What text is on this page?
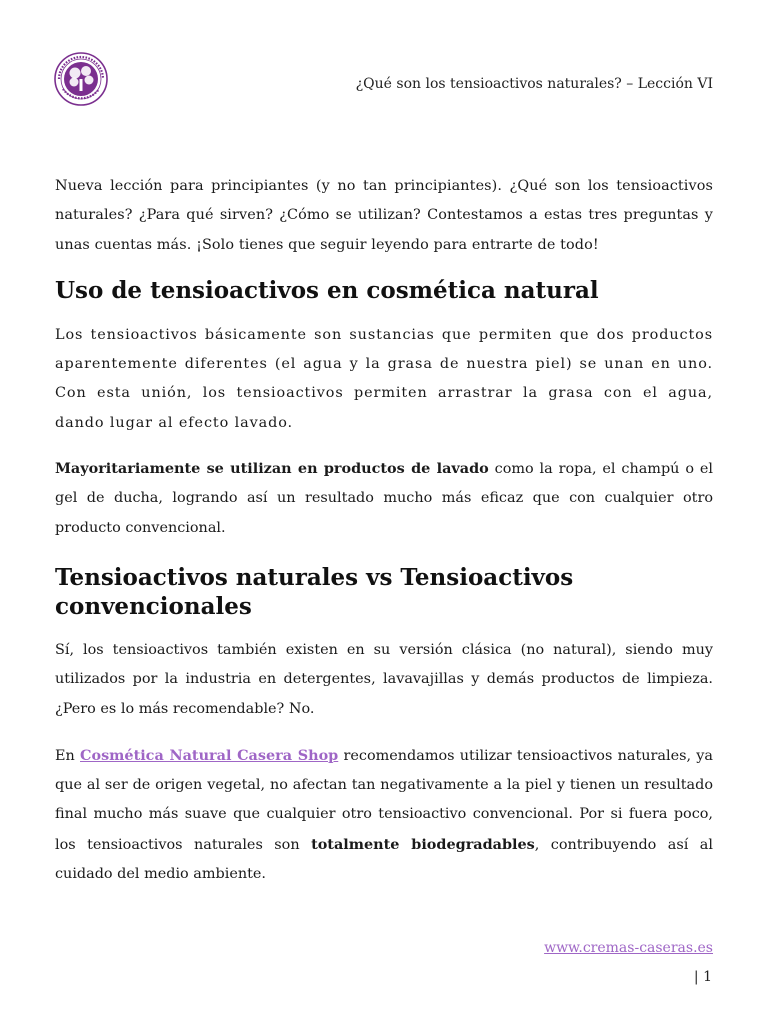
¿Qué son los tensioactivos naturales? – Lección VI

Nueva lección para principiantes (y no tan principiantes). ¿Qué son los tensioactivos naturales? ¿Para qué sirven? ¿Cómo se utilizan? Contestamos a estas tres preguntas y unas cuentas más. ¡Solo tienes que seguir leyendo para entrarte de todo!

Uso de tensioactivos en cosmética natural

Los tensioactivos básicamente son sustancias que permiten que dos productos aparentemente diferentes (el agua y la grasa de nuestra piel) se unan en uno. Con esta unión, los tensioactivos permiten arrastrar la grasa con el agua, dando lugar al efecto lavado.

Mayoritariamente se utilizan en productos de lavado como la ropa, el champú o el gel de ducha, logrando así un resultado mucho más eficaz que con cualquier otro producto convencional.

Tensioactivos naturales vs Tensioactivos convencionales

Sí, los tensioactivos también existen en su versión clásica (no natural), siendo muy utilizados por la industria en detergentes, lavavajillas y demás productos de limpieza. ¿Pero es lo más recomendable? No.

En Cosmética Natural Casera Shop recomendamos utilizar tensioactivos naturales, ya que al ser de origen vegetal, no afectan tan negativamente a la piel y tienen un resultado final mucho más suave que cualquier otro tensioactivo convencional. Por si fuera poco, los tensioactivos naturales son totalmente biodegradables, contribuyendo así al cuidado del medio ambiente.

www.cremas-caseras.es
| 1
